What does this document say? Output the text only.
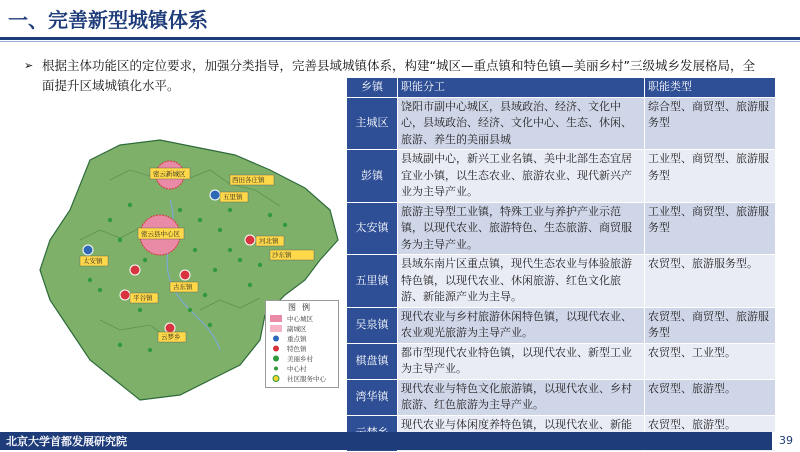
一、完善新型城镇体系
➢ 根据主体功能区的定位要求，加强分类指导，完善县域城镇体系，构建“城区—重点镇和特色镇—美丽乡村”三级城乡发展格局，全面提升区域城镇化水平。
密云新城区
密云县中心区
西田各庄镇
五里镇
太安镇
河北镇
沙东镇
古东镇
平谷镇
云梦乡
图例
中心城区
副城区
重点镇
特色镇
美丽乡村
中心村
社区服务中心
乡镇	职能分工	职能类型
主城区	饶阳市副中心城区，县域政治、经济、文化中心，县域政治、经济、文化中心、生态、休闲、旅游、养生的美丽县城	综合型、商贸型、旅游服务型
彭镇	县域副中心，新兴工业名镇、美中北部生态宜居宜业小镇，以生态农业、旅游农业、现代新兴产业为主导产业。	工业型、商贸型、旅游服务型
太安镇	旅游主导型工业镇，特殊工业与养护产业示范镇，以现代农业、旅游特色、生态旅游、商贸服务为主导产业。	工业型、商贸型、旅游服务型
五里镇	县域东南片区重点镇，现代生态农业与体验旅游特色镇，以现代农业、休闲旅游、红色文化旅游、新能源产业为主导。	农贸型、旅游服务型。
吴泉镇	现代农业与乡村旅游休闲特色镇，以现代农业、农业观光旅游为主导产业。	农贸型、商贸型、旅游服务型
棋盘镇	都市型现代农业特色镇，以现代农业、新型工业为主导产业。	农贸型、工业型。
湾华镇	现代农业与特色文化旅游镇，以现代农业、乡村旅游、红色旅游为主导产业。	农贸型、旅游型。
	现代农业与体闲度养特色镇，以现代农业、新能	农贸型、旅游型。
北京大学首都发展研究院	39
